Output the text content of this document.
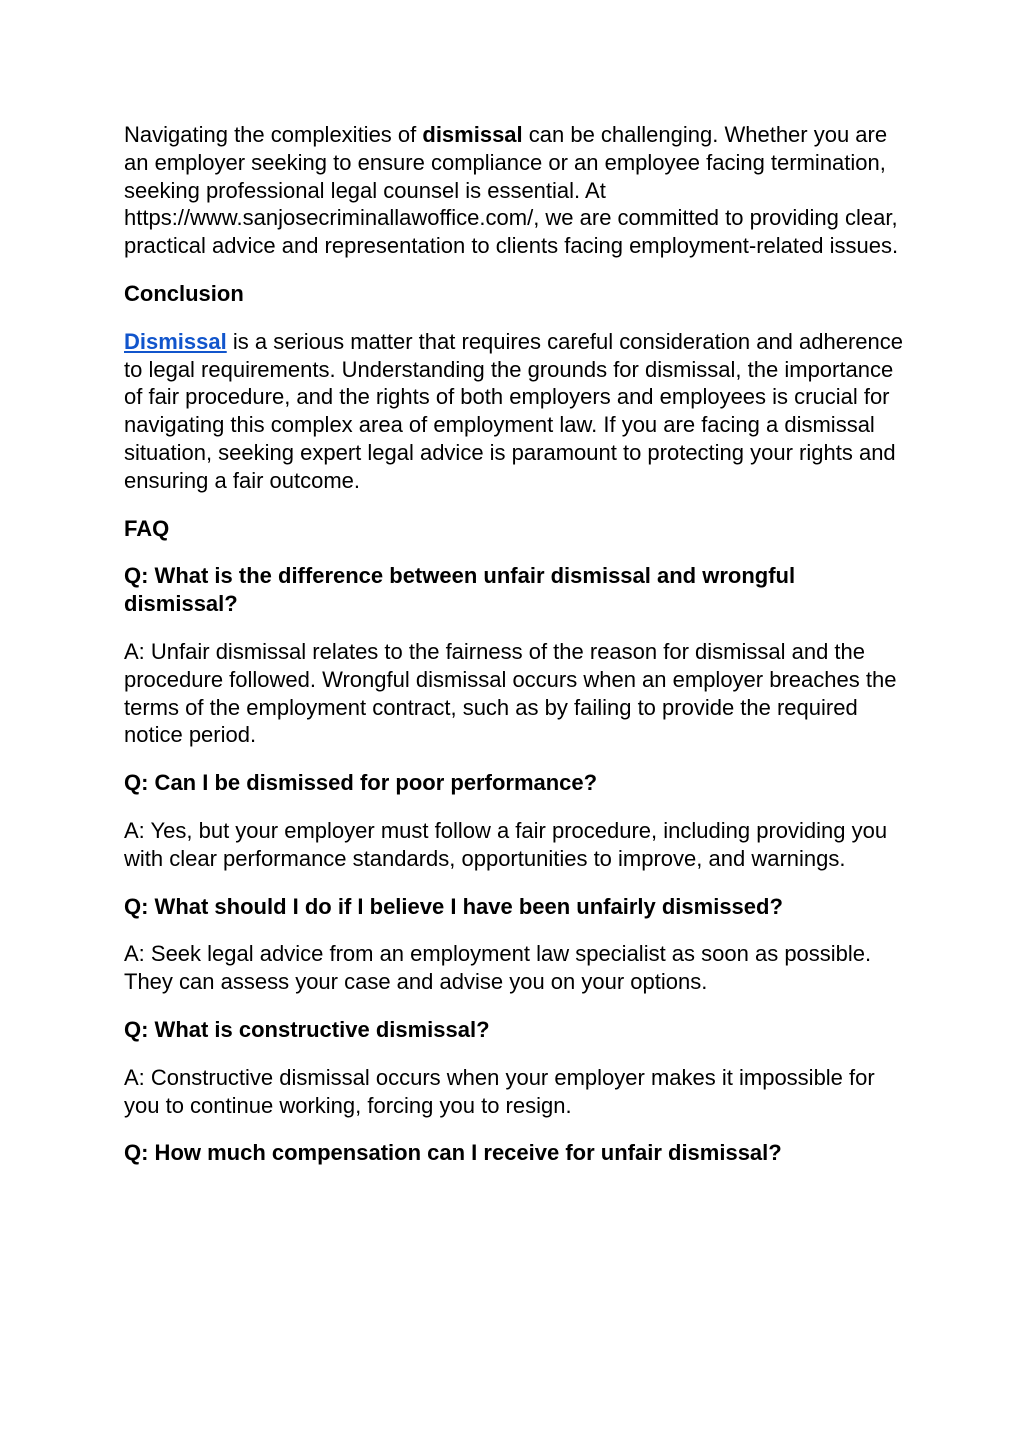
Navigating the complexities of dismissal can be challenging. Whether you are an employer seeking to ensure compliance or an employee facing termination, seeking professional legal counsel is essential. At https://www.sanjosecriminallawoffice.com/, we are committed to providing clear, practical advice and representation to clients facing employment-related issues.

Conclusion

Dismissal is a serious matter that requires careful consideration and adherence to legal requirements. Understanding the grounds for dismissal, the importance of fair procedure, and the rights of both employers and employees is crucial for navigating this complex area of employment law. If you are facing a dismissal situation, seeking expert legal advice is paramount to protecting your rights and ensuring a fair outcome.

FAQ

Q: What is the difference between unfair dismissal and wrongful dismissal?

A: Unfair dismissal relates to the fairness of the reason for dismissal and the procedure followed. Wrongful dismissal occurs when an employer breaches the terms of the employment contract, such as by failing to provide the required notice period.

Q: Can I be dismissed for poor performance?

A: Yes, but your employer must follow a fair procedure, including providing you with clear performance standards, opportunities to improve, and warnings.

Q: What should I do if I believe I have been unfairly dismissed?

A: Seek legal advice from an employment law specialist as soon as possible. They can assess your case and advise you on your options.

Q: What is constructive dismissal?

A: Constructive dismissal occurs when your employer makes it impossible for you to continue working, forcing you to resign.

Q: How much compensation can I receive for unfair dismissal?
